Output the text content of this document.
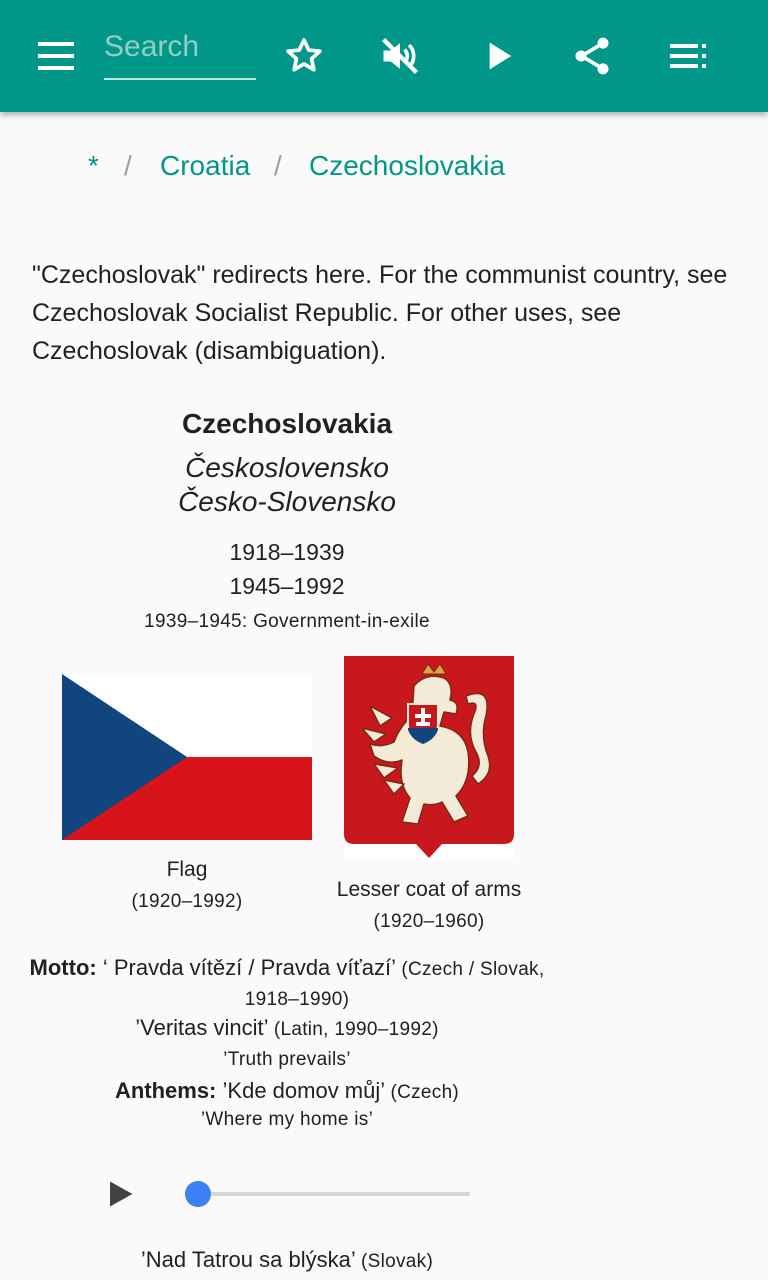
Search
* / Croatia / Czechoslovakia
"Czechoslovak" redirects here. For the communist country, see Czechoslovak Socialist Republic. For other uses, see Czechoslovak (disambiguation).
Czechoslovakia
Československo
Česko-Slovensko
1918–1939
1945–1992
1939–1945: Government-in-exile
Flag
(1920–1992)
Lesser coat of arms
(1920–1960)
Motto: ‘ Pravda vítězí / Pravda víťazí’ (Czech / Slovak,
1918–1990)
’Veritas vincit’ (Latin, 1990–1992)
’Truth prevails’
Anthems: ’Kde domov můj’ (Czech)
’Where my home is’
’Nad Tatrou sa blýska’ (Slovak)
